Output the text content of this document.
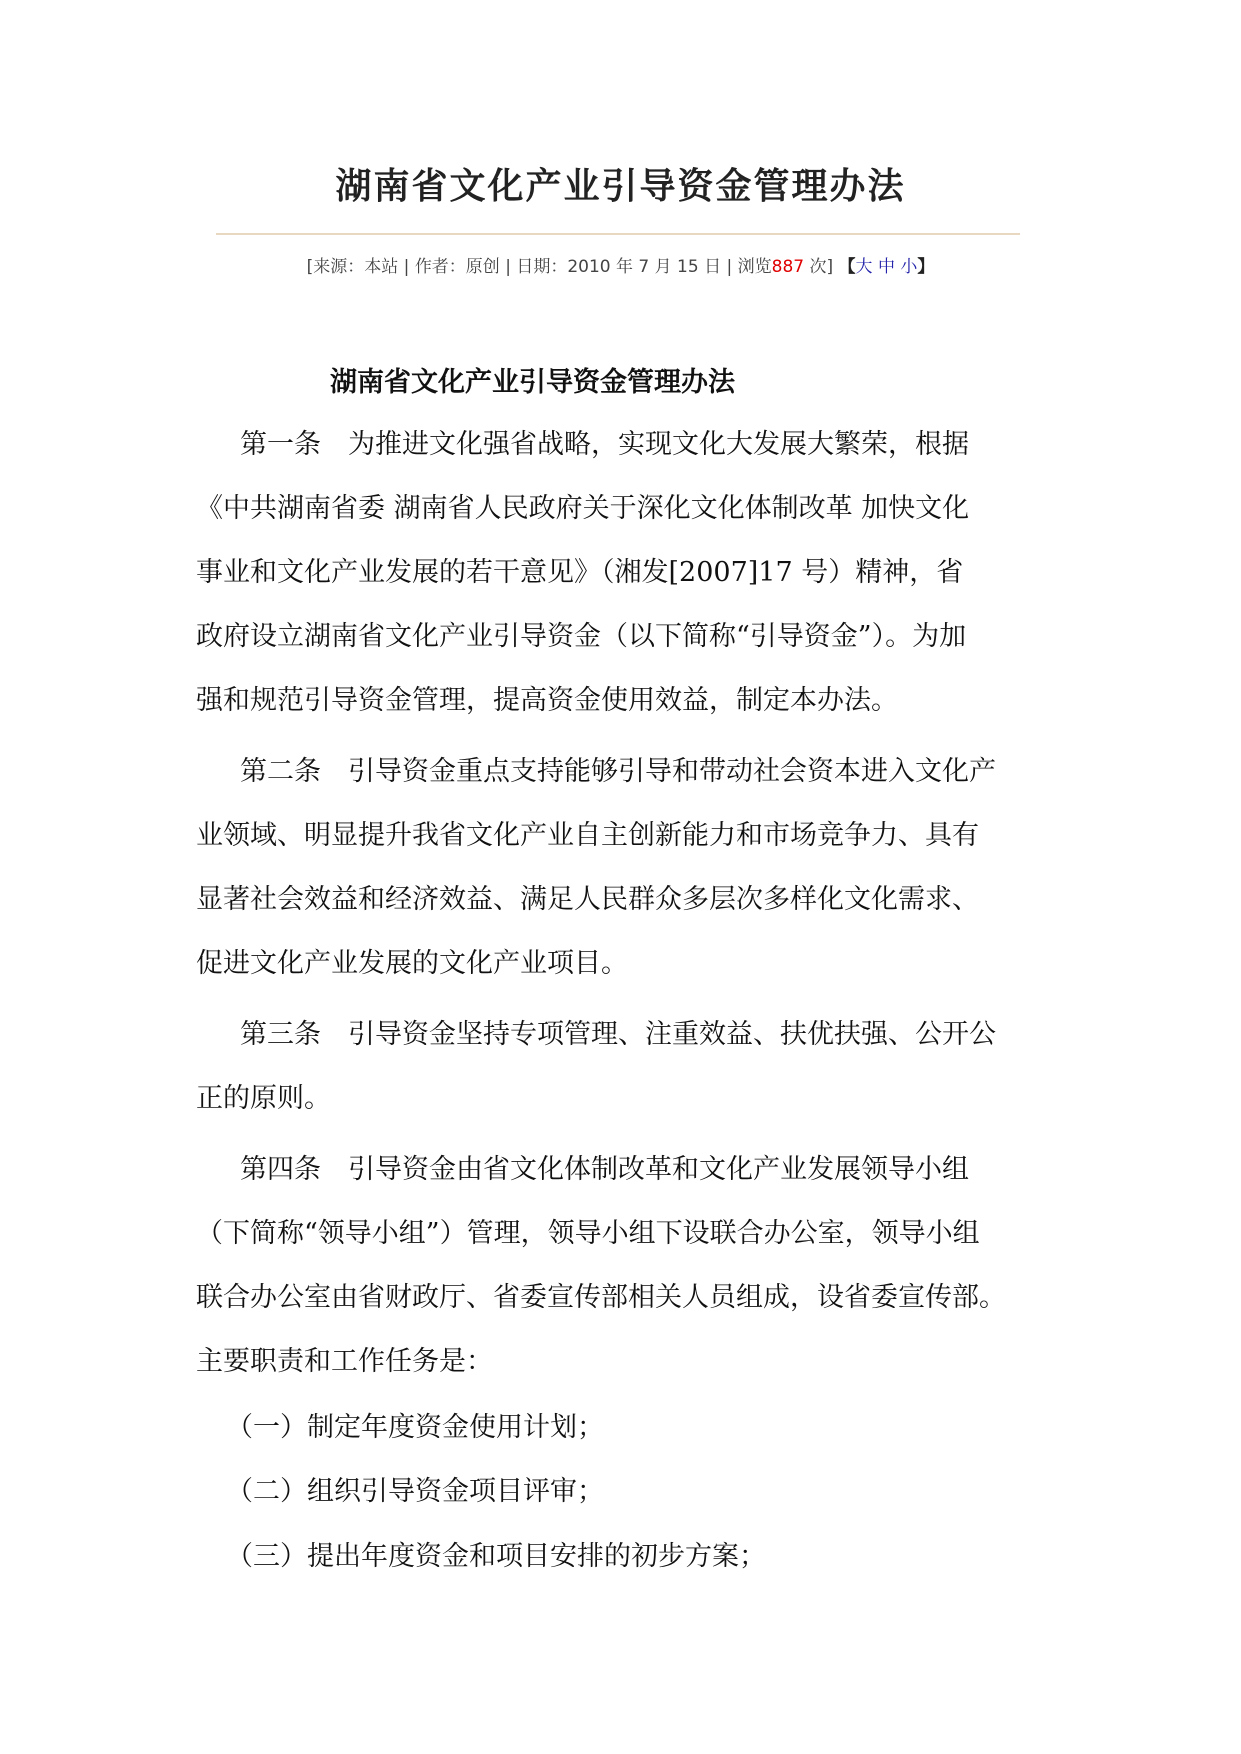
湖南省文化产业引导资金管理办法
[来源：本站 | 作者：原创 | 日期：2010 年 7 月 15 日 | 浏览887 次] 【大 中 小】
湖南省文化产业引导资金管理办法
第一条　为推进文化强省战略，实现文化大发展大繁荣，根据
《中共湖南省委 湖南省人民政府关于深化文化体制改革 加快文化
事业和文化产业发展的若干意见》（湘发[2007]17 号）精神，省
政府设立湖南省文化产业引导资金（以下简称“引导资金”）。为加
强和规范引导资金管理，提高资金使用效益，制定本办法。
第二条　引导资金重点支持能够引导和带动社会资本进入文化产
业领域、明显提升我省文化产业自主创新能力和市场竞争力、具有
显著社会效益和经济效益、满足人民群众多层次多样化文化需求、
促进文化产业发展的文化产业项目。
第三条　引导资金坚持专项管理、注重效益、扶优扶强、公开公
正的原则。
第四条　引导资金由省文化体制改革和文化产业发展领导小组
（下简称“领导小组”）管理，领导小组下设联合办公室，领导小组
联合办公室由省财政厅、省委宣传部相关人员组成，设省委宣传部。
主要职责和工作任务是：
（一）制定年度资金使用计划；
（二）组织引导资金项目评审；
（三）提出年度资金和项目安排的初步方案；
